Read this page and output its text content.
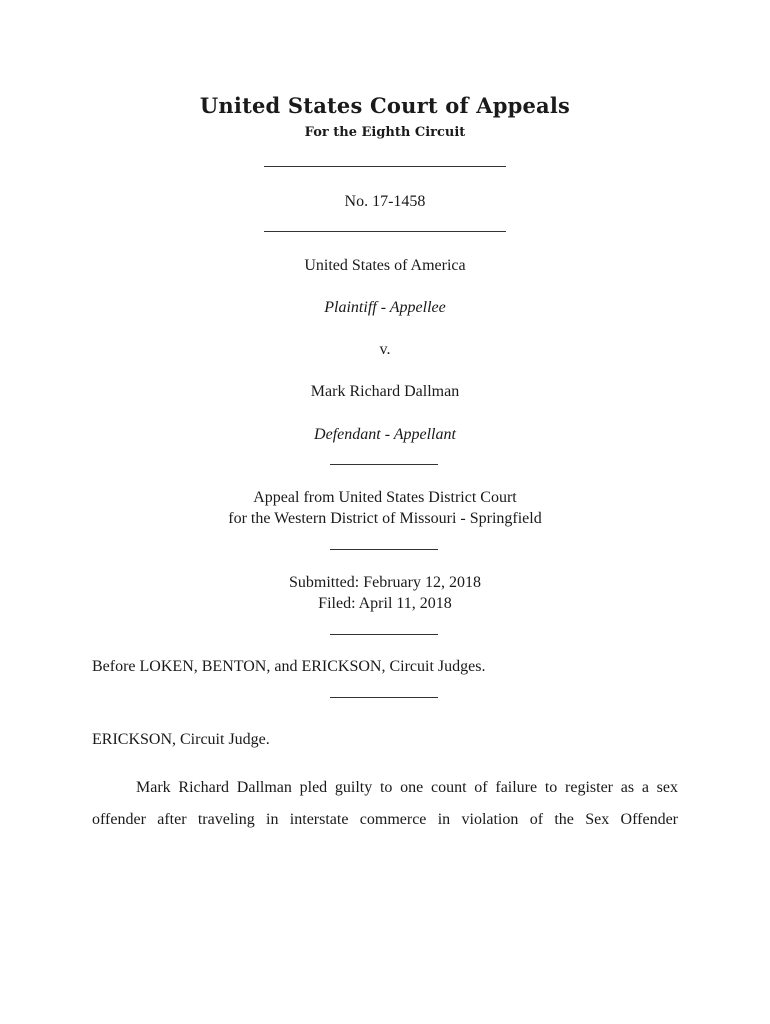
United States Court of Appeals
For the Eighth Circuit
No. 17-1458
United States of America
Plaintiff - Appellee
v.
Mark Richard Dallman
Defendant - Appellant
Appeal from United States District Court
for the Western District of Missouri - Springfield
Submitted: February 12, 2018
Filed: April 11, 2018
Before LOKEN, BENTON, and ERICKSON, Circuit Judges.
ERICKSON, Circuit Judge.
Mark Richard Dallman pled guilty to one count of failure to register as a sex
offender after traveling in interstate commerce in violation of the Sex Offender
